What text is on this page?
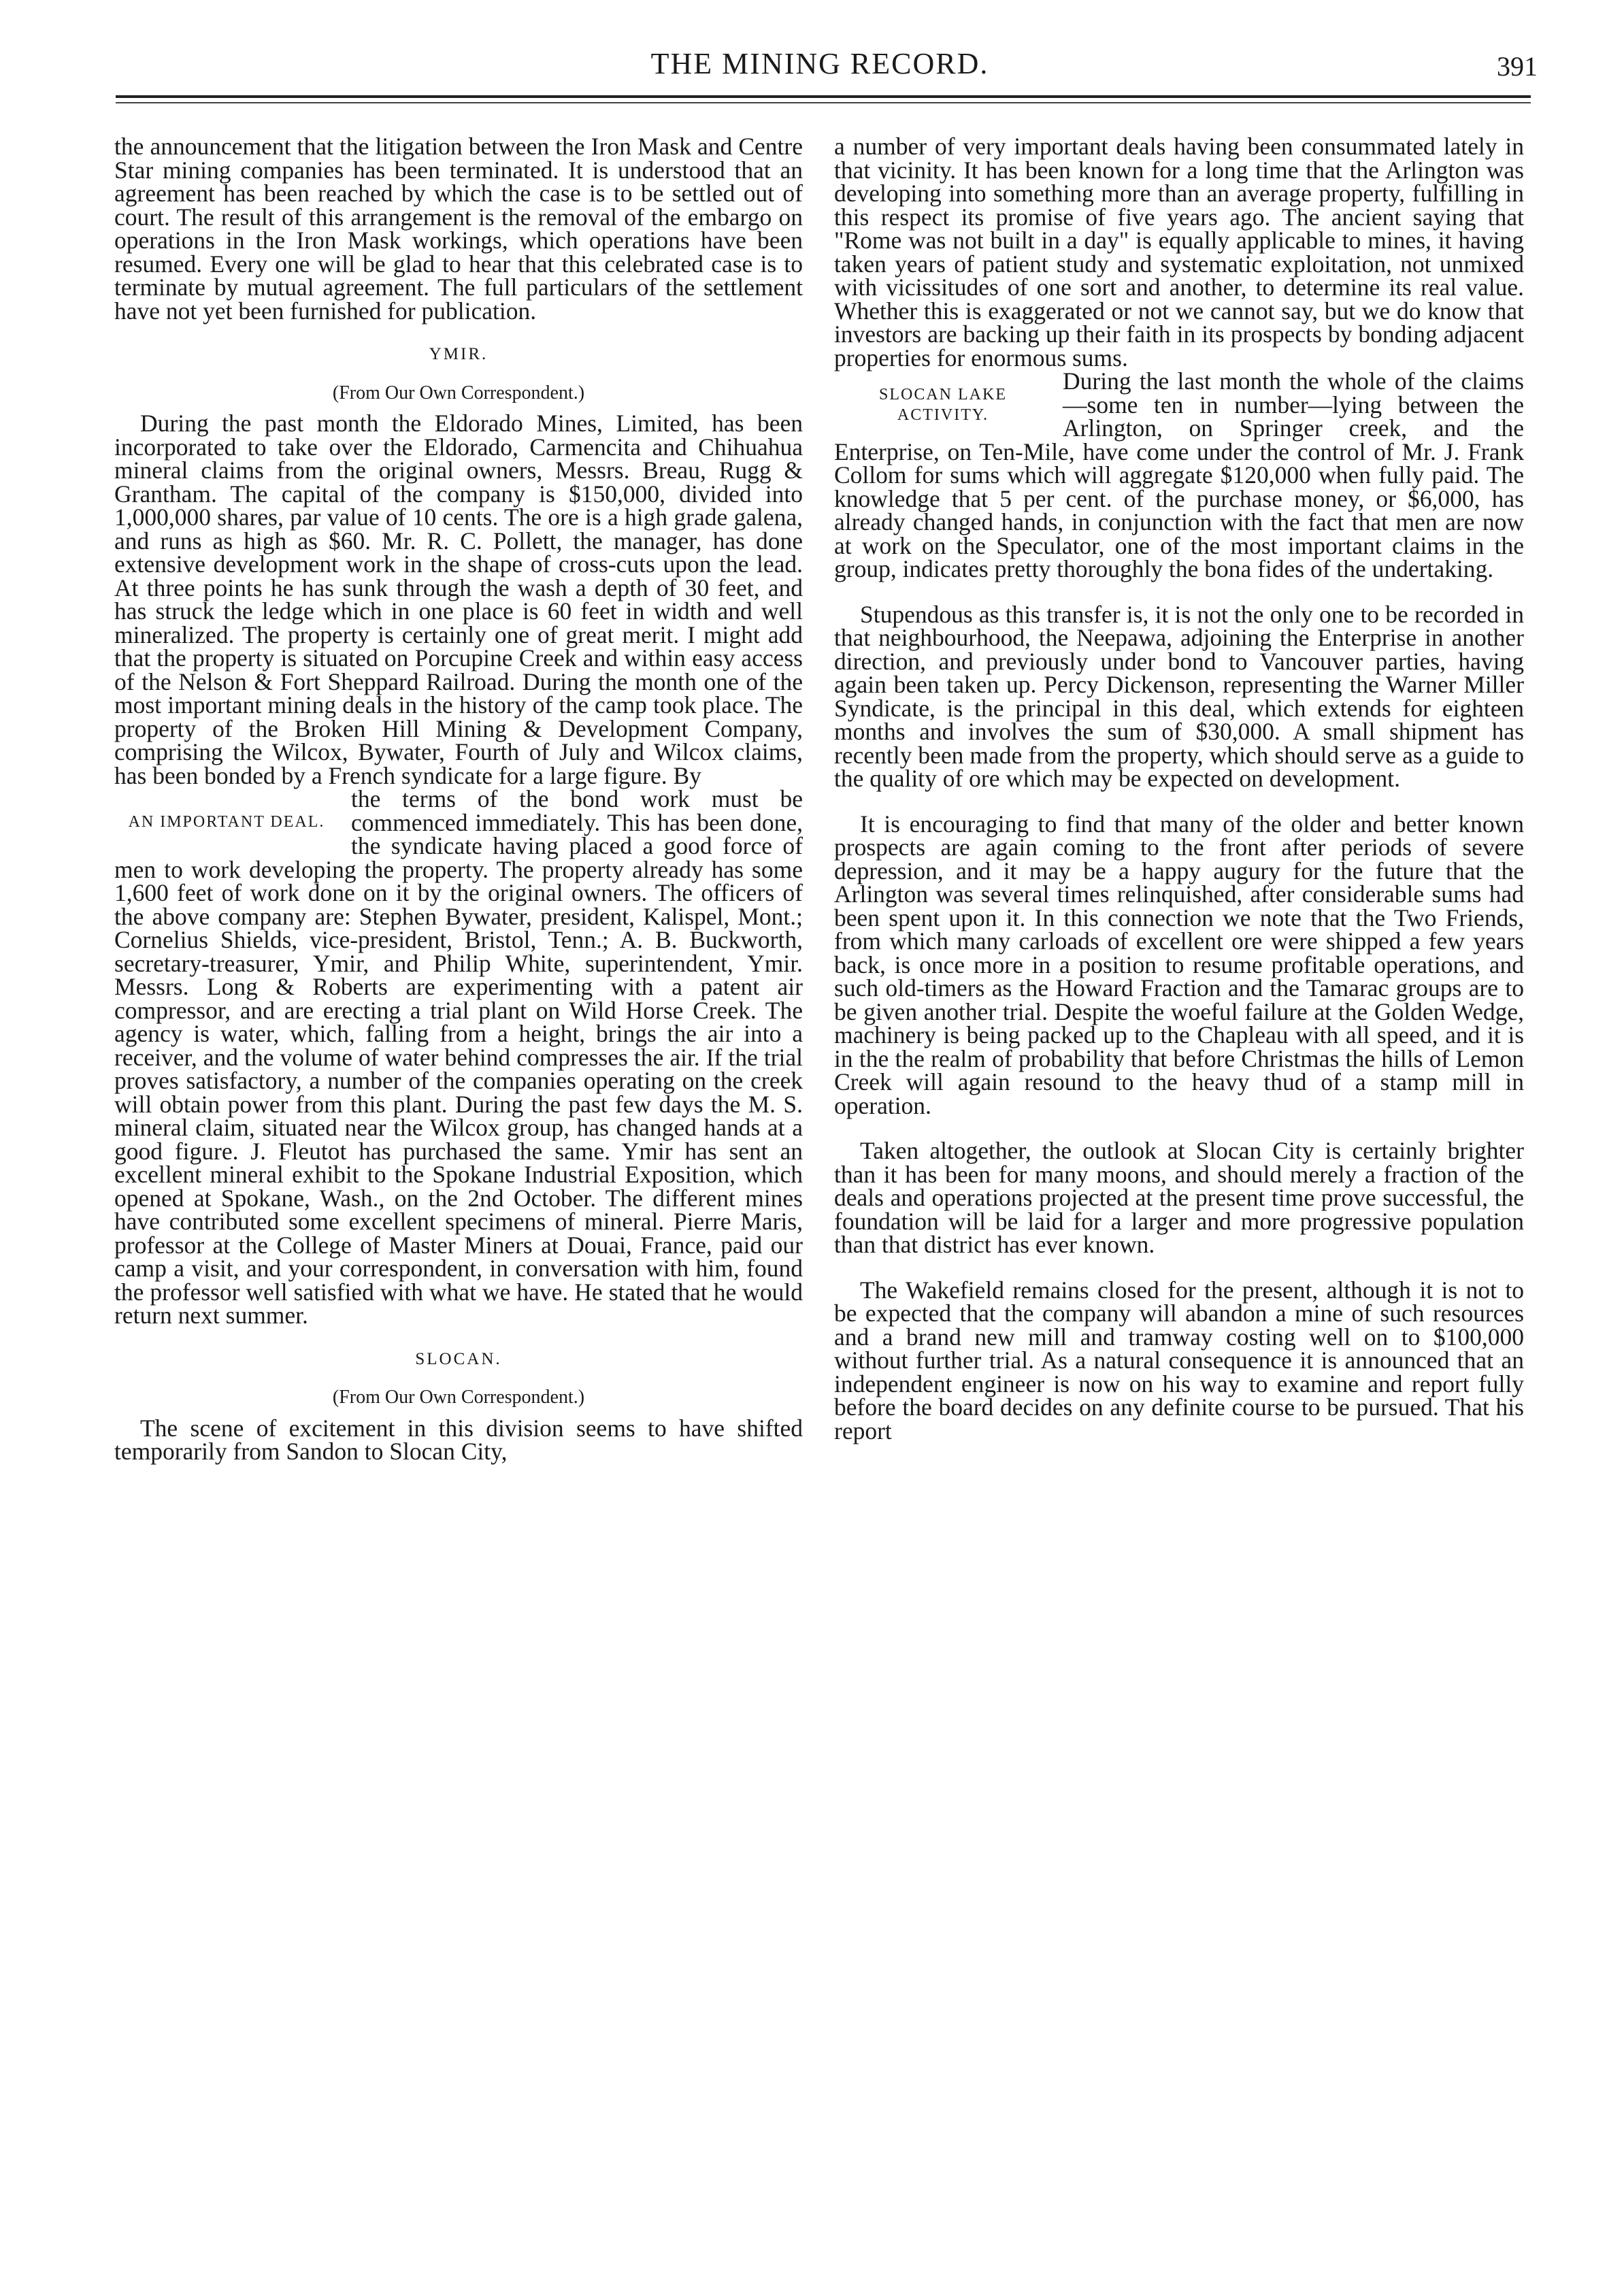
THE MINING RECORD.	391

the announcement that the litigation between the Iron Mask and Centre Star mining companies has been terminated. It is understood that an agreement has been reached by which the case is to be settled out of court. The result of this arrangement is the removal of the embargo on operations in the Iron Mask workings, which operations have been resumed. Every one will be glad to hear that this celebrated case is to terminate by mutual agreement. The full particulars of the settlement have not yet been furnished for publication.

YMIR.
(From Our Own Correspondent.)

During the past month the Eldorado Mines, Limited, has been incorporated to take over the Eldorado, Carmencita and Chihuahua mineral claims from the original owners, Messrs. Breau, Rugg & Grantham. The capital of the company is $150,000, divided into 1,000,000 shares, par value of 10 cents. The ore is a high grade galena, and runs as high as $60. Mr. R. C. Pollett, the manager, has done extensive development work in the shape of cross-cuts upon the lead. At three points he has sunk through the wash a depth of 30 feet, and has struck the ledge which in one place is 60 feet in width and well mineralized. The property is certainly one of great merit. I might add that the property is situated on Porcupine Creek and within easy access of the Nelson & Fort Sheppard Railroad. During the month one of the most important mining deals in the history of the camp took place. The property of the Broken Hill Mining & Development Company, comprising the Wilcox, Bywater, Fourth of July and Wilcox claims, has been bonded by a French syndicate for a large figure. By

AN IMPORTANT DEAL.

the terms of the bond work must be commenced immediately. This has been done, the syndicate having placed a good force of men to work developing the property. The property already has some 1,600 feet of work done on it by the original owners. The officers of the above company are: Stephen Bywater, president, Kalispel, Mont.; Cornelius Shields, vice-president, Bristol, Tenn.; A. B. Buckworth, secretary-treasurer, Ymir, and Philip White, superintendent, Ymir. Messrs. Long & Roberts are experimenting with a patent air compressor, and are erecting a trial plant on Wild Horse Creek. The agency is water, which, falling from a height, brings the air into a receiver, and the volume of water behind compresses the air. If the trial proves satisfactory, a number of the companies operating on the creek will obtain power from this plant. During the past few days the M. S. mineral claim, situated near the Wilcox group, has changed hands at a good figure. J. Fleutot has purchased the same. Ymir has sent an excellent mineral exhibit to the Spokane Industrial Exposition, which opened at Spokane, Wash., on the 2nd October. The different mines have contributed some excellent specimens of mineral. Pierre Maris, professor at the College of Master Miners at Douai, France, paid our camp a visit, and your correspondent, in conversation with him, found the professor well satisfied with what we have. He stated that he would return next summer.

SLOCAN.
(From Our Own Correspondent.)

The scene of excitement in this division seems to have shifted temporarily from Sandon to Slocan City,

a number of very important deals having been consummated lately in that vicinity. It has been known for a long time that the Arlington was developing into something more than an average property, fulfilling in this respect its promise of five years ago. The ancient saying that "Rome was not built in a day" is equally applicable to mines, it having taken years of patient study and systematic exploitation, not unmixed with vicissitudes of one sort and another, to determine its real value. Whether this is exaggerated or not we cannot say, but we do know that investors are backing up their faith in its prospects by bonding adjacent properties for enormous sums.

SLOCAN LAKE ACTIVITY.

During the last month the whole of the claims—some ten in number—lying between the Arlington, on Springer creek, and the Enterprise, on Ten-Mile, have come under the control of Mr. J. Frank Collom for sums which will aggregate $120,000 when fully paid. The knowledge that 5 per cent. of the purchase money, or $6,000, has already changed hands, in conjunction with the fact that men are now at work on the Speculator, one of the most important claims in the group, indicates pretty thoroughly the bona fides of the undertaking.

Stupendous as this transfer is, it is not the only one to be recorded in that neighbourhood, the Neepawa, adjoining the Enterprise in another direction, and previously under bond to Vancouver parties, having again been taken up. Percy Dickenson, representing the Warner Miller Syndicate, is the principal in this deal, which extends for eighteen months and involves the sum of $30,000. A small shipment has recently been made from the property, which should serve as a guide to the quality of ore which may be expected on development.

It is encouraging to find that many of the older and better known prospects are again coming to the front after periods of severe depression, and it may be a happy augury for the future that the Arlington was several times relinquished, after considerable sums had been spent upon it. In this connection we note that the Two Friends, from which many carloads of excellent ore were shipped a few years back, is once more in a position to resume profitable operations, and such old-timers as the Howard Fraction and the Tamarac groups are to be given another trial. Despite the woeful failure at the Golden Wedge, machinery is being packed up to the Chapleau with all speed, and it is in the the realm of probability that before Christmas the hills of Lemon Creek will again resound to the heavy thud of a stamp mill in operation.

Taken altogether, the outlook at Slocan City is certainly brighter than it has been for many moons, and should merely a fraction of the deals and operations projected at the present time prove successful, the foundation will be laid for a larger and more progressive population than that district has ever known.

The Wakefield remains closed for the present, although it is not to be expected that the company will abandon a mine of such resources and a brand new mill and tramway costing well on to $100,000 without further trial. As a natural consequence it is announced that an independent engineer is now on his way to examine and report fully before the board decides on any definite course to be pursued. That his report
